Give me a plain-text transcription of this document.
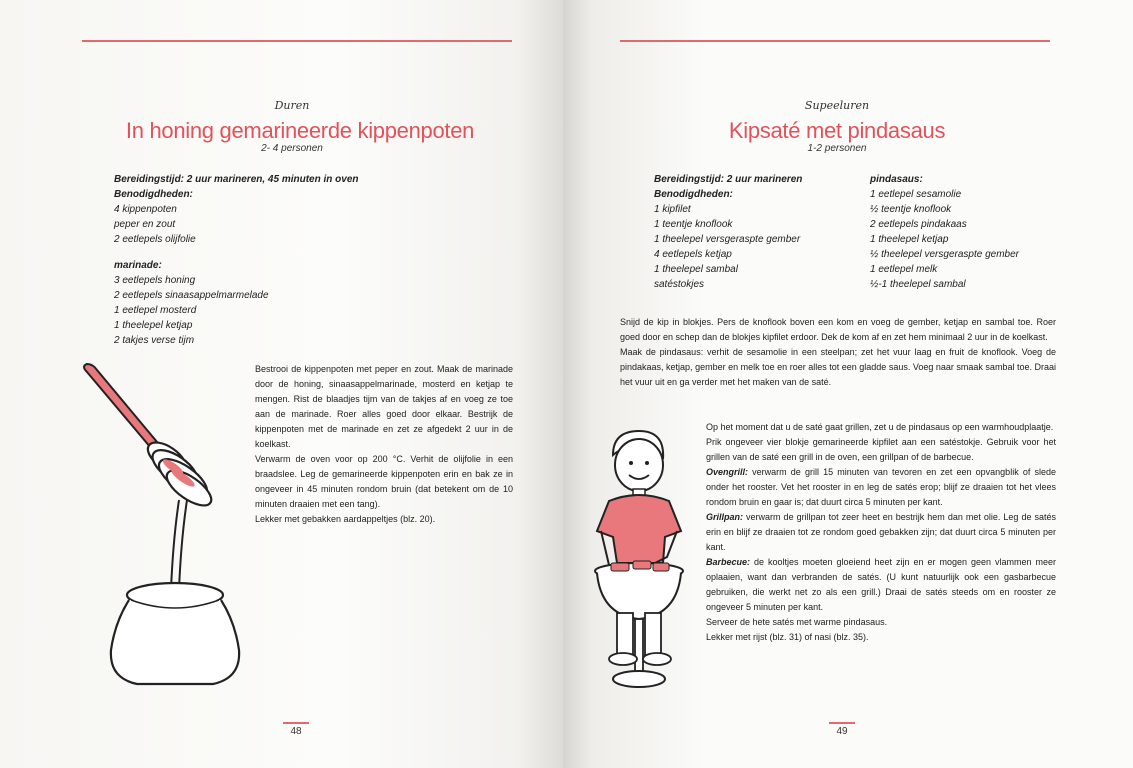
Duren
In honing gemarineerde kippenpoten
2- 4 personen
Bereidingstijd: 2 uur marineren, 45 minuten in oven
Benodigdheden:
4 kippenpoten
peper en zout
2 eetlepels olijfolie
marinade:
3 eetlepels honing
2 eetlepels sinaasappelmarmelade
1 eetlepel mosterd
1 theelepel ketjap
2 takjes verse tijm

Bestrooi de kippenpoten met peper en zout. Maak de marinade door de honing, sinaasappelmarinade, mosterd en ketjap te mengen. Rist de blaadjes tijm van de takjes af en voeg ze toe aan de marinade. Roer alles goed door elkaar. Bestrijk de kippenpoten met de marinade en zet ze afgedekt 2 uur in de koelkast.

Verwarm de oven voor op 200 °C. Verhit de olijfolie in een braadslee. Leg de gemarineerde kippenpoten erin en bak ze in ongeveer in 45 minuten rondom bruin (dat betekent om de 10 minuten draaien met een tang).

Lekker met gebakken aardappeltjes (blz. 20).

48
Supeeluren
Kipsaté met pindasaus
1-2 personen
Bereidingstijd: 2 uur marineren
Benodigdheden:
1 kipfilet
1 teentje knoflook
1 theelepel versgeraspte gember
4 eetlepels ketjap
1 theelepel sambal
satéstokjes
pindasaus:
1 eetlepel sesamolie
½ teentje knoflook
2 eetlepels pindakaas
1 theelepel ketjap
½ theelepel versgeraspte gember
1 eetlepel melk
½-1 theelepel sambal

Snijd de kip in blokjes. Pers de knoflook boven een kom en voeg de gember, ketjap en sambal toe. Roer goed door en schep dan de blokjes kipfilet erdoor. Dek de kom af en zet hem minimaal 2 uur in de koelkast.

Maak de pindasaus: verhit de sesamolie in een steelpan; zet het vuur laag en fruit de knoflook. Voeg de pindakaas, ketjap, gember en melk toe en roer alles tot een gladde saus. Voeg naar smaak sambal toe. Draai het vuur uit en ga verder met het maken van de saté.

Op het moment dat u de saté gaat grillen, zet u de pindasaus op een warmhoudplaatje.

Prik ongeveer vier blokje gemarineerde kipfilet aan een satéstokje. Gebruik voor het grillen van de saté een grill in de oven, een grillpan of de barbecue.

Ovengrill: verwarm de grill 15 minuten van tevoren en zet een opvangblik of slede onder het rooster. Vet het rooster in en leg de satés erop; blijf ze draaien tot het vlees rondom bruin en gaar is; dat duurt circa 5 minuten per kant.

Grillpan: verwarm de grillpan tot zeer heet en bestrijk hem dan met olie. Leg de satés erin en blijf ze draaien tot ze rondom goed gebakken zijn; dat duurt circa 5 minuten per kant.

Barbecue: de kooltjes moeten gloeiend heet zijn en er mogen geen vlammen meer oplaaien, want dan verbranden de satés. (U kunt natuurlijk ook een gasbarbecue gebruiken, die werkt net zo als een grill.) Draai de satés steeds om en rooster ze ongeveer 5 minuten per kant.

Serveer de hete satés met warme pindasaus.

Lekker met rijst (blz. 31) of nasi (blz. 35).

49
